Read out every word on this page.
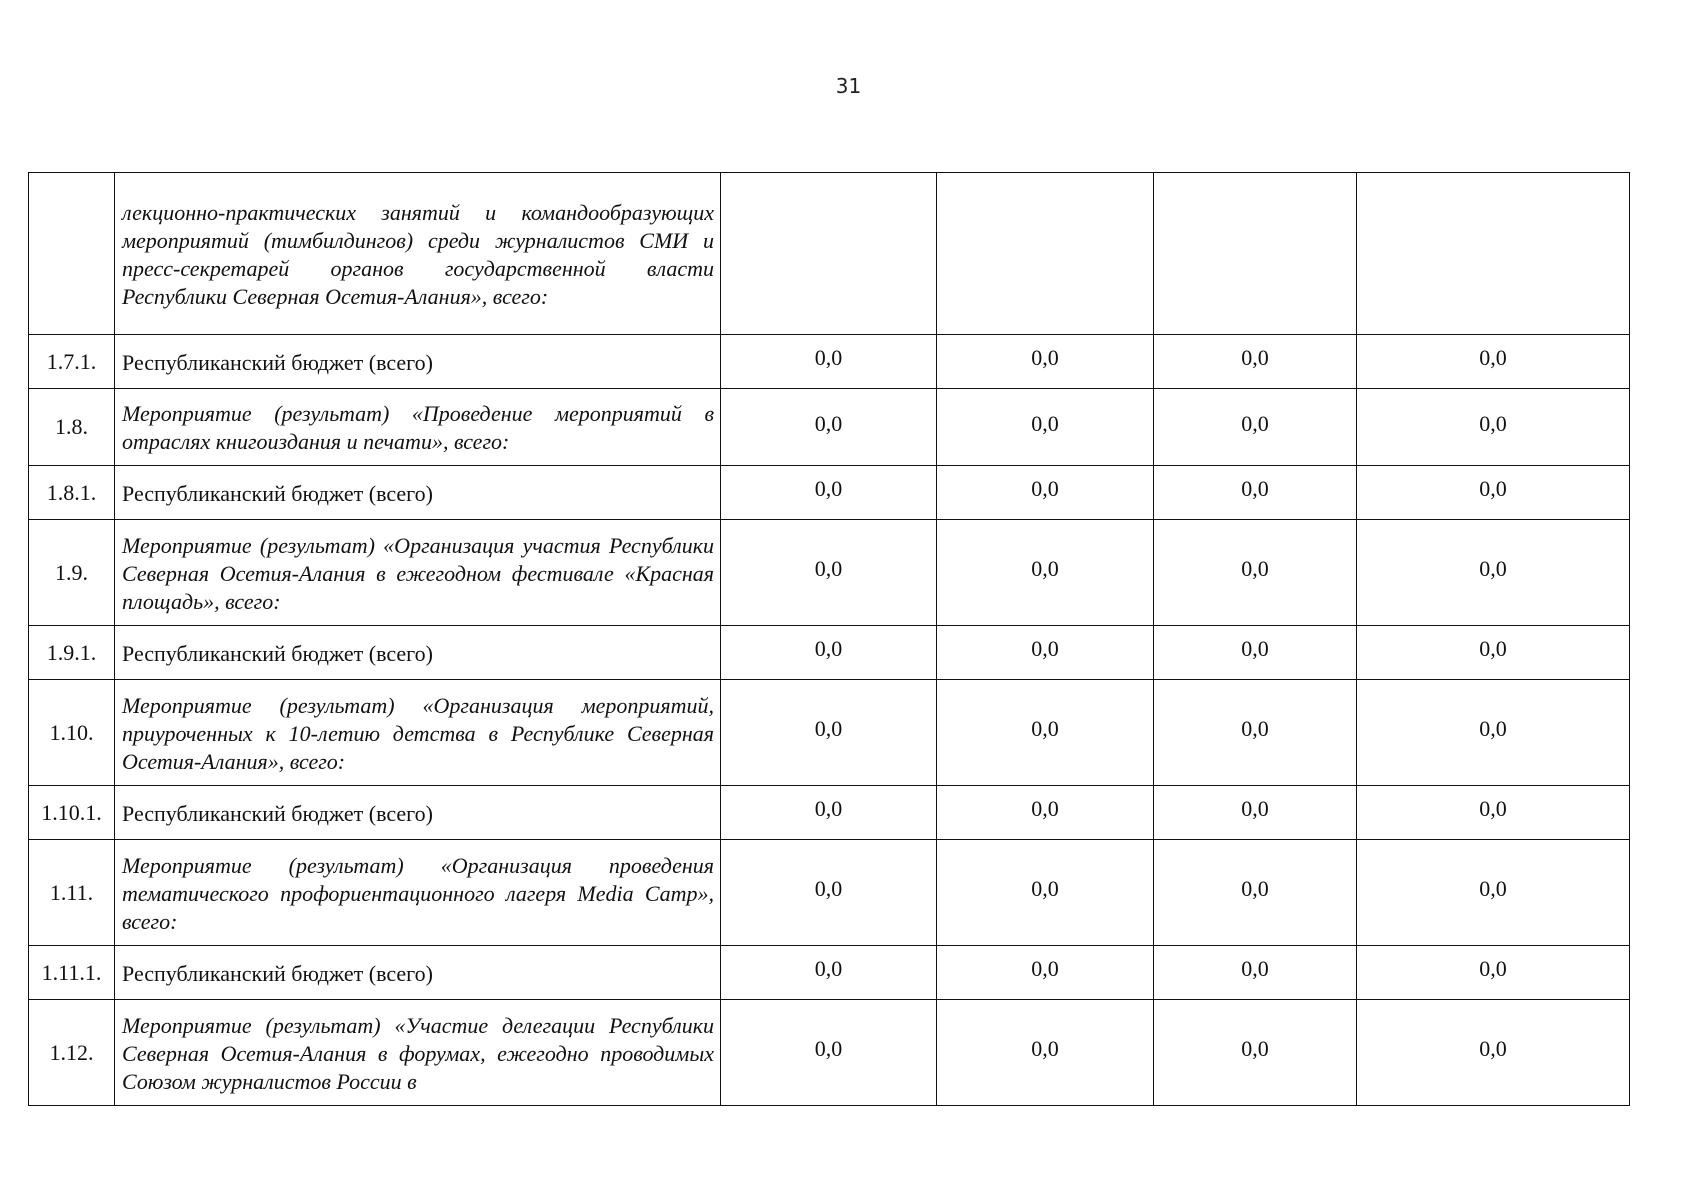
31
	лекционно-практических занятий и командообразующих мероприятий (тимбилдингов) среди журналистов СМИ и пресс-секретарей органов государственной власти Республики Северная Осетия-Алания», всего:				
1.7.1.	Республиканский бюджет (всего)	0,0	0,0	0,0	0,0
1.8.	Мероприятие (результат) «Проведение мероприятий в отраслях книгоиздания и печати», всего:	0,0	0,0	0,0	0,0
1.8.1.	Республиканский бюджет (всего)	0,0	0,0	0,0	0,0
1.9.	Мероприятие (результат) «Организация участия Республики Северная Осетия-Алания в ежегодном фестивале «Красная площадь», всего:	0,0	0,0	0,0	0,0
1.9.1.	Республиканский бюджет (всего)	0,0	0,0	0,0	0,0
1.10.	Мероприятие (результат) «Организация мероприятий, приуроченных к 10-летию детства в Республике Северная Осетия-Алания», всего:	0,0	0,0	0,0	0,0
1.10.1.	Республиканский бюджет (всего)	0,0	0,0	0,0	0,0
1.11.	Мероприятие (результат) «Организация проведения тематического профориентационного лагеря Media Camp», всего:	0,0	0,0	0,0	0,0
1.11.1.	Республиканский бюджет (всего)	0,0	0,0	0,0	0,0
1.12.	Мероприятие (результат) «Участие делегации Республики Северная Осетия-Алания в форумах, ежегодно проводимых Союзом журналистов России в	0,0	0,0	0,0	0,0
